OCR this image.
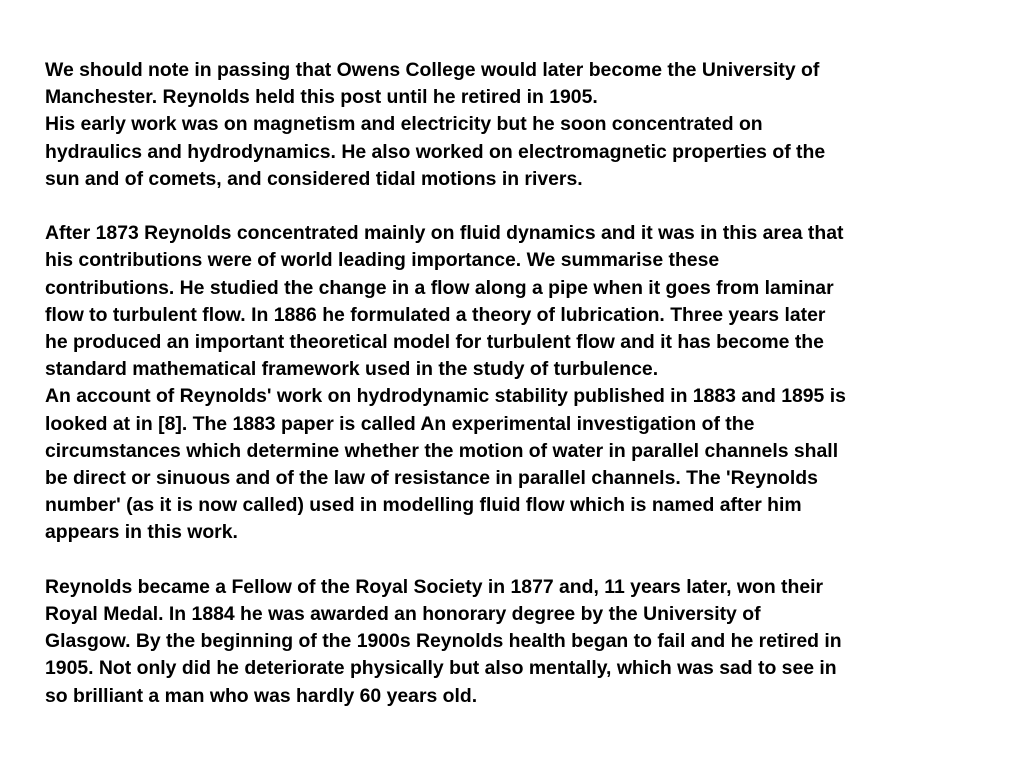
We should note in passing that Owens College would later become the University of
Manchester. Reynolds held this post until he retired in 1905.

His early work was on magnetism and electricity but he soon concentrated on
hydraulics and hydrodynamics. He also worked on electromagnetic properties of the
sun and of comets, and considered tidal motions in rivers.

After 1873 Reynolds concentrated mainly on fluid dynamics and it was in this area that
his contributions were of world leading importance. We summarise these
contributions. He studied the change in a flow along a pipe when it goes from laminar
flow to turbulent flow. In 1886 he formulated a theory of lubrication. Three years later
he produced an important theoretical model for turbulent flow and it has become the
standard mathematical framework used in the study of turbulence.

An account of Reynolds' work on hydrodynamic stability published in 1883 and 1895 is
looked at in [8]. The 1883 paper is called An experimental investigation of the
circumstances which determine whether the motion of water in parallel channels shall
be direct or sinuous and of the law of resistance in parallel channels. The 'Reynolds
number' (as it is now called) used in modelling fluid flow which is named after him
appears in this work.

Reynolds became a Fellow of the Royal Society in 1877 and, 11 years later, won their
Royal Medal. In 1884 he was awarded an honorary degree by the University of
Glasgow. By the beginning of the 1900s Reynolds health began to fail and he retired in
1905. Not only did he deteriorate physically but also mentally, which was sad to see in
so brilliant a man who was hardly 60 years old.
